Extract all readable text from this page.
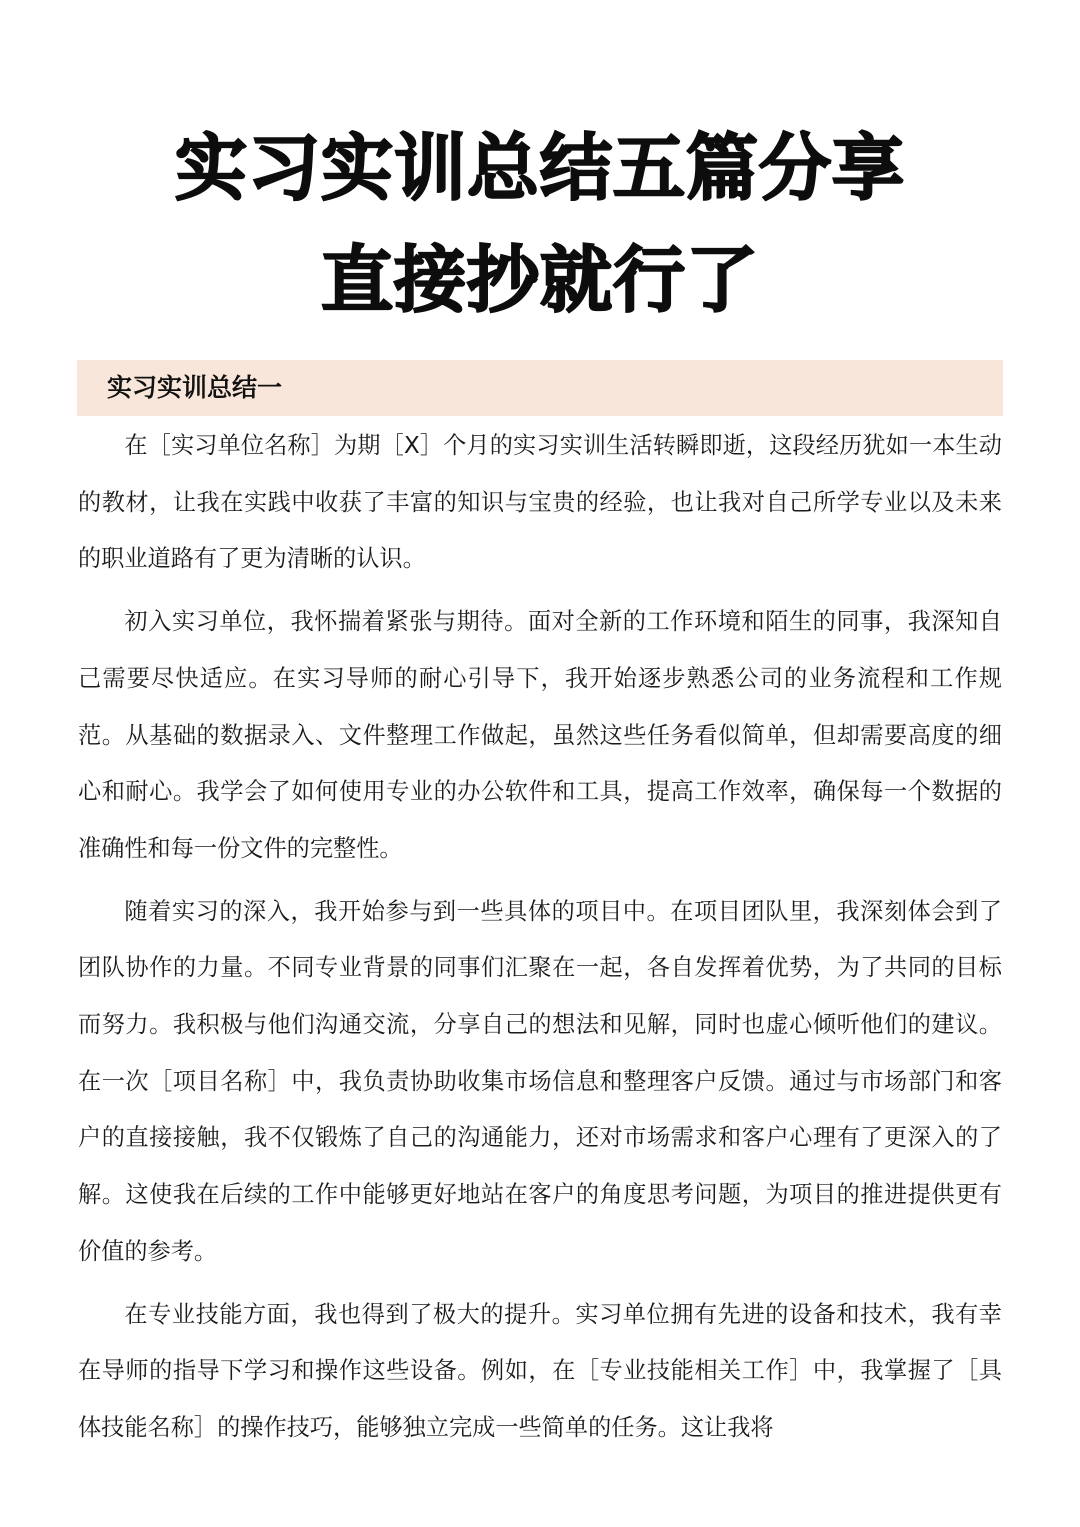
实习实训总结五篇分享
直接抄就行了
实习实训总结一

在［实习单位名称］为期［X］个月的实习实训生活转瞬即逝，这段经历犹如一本生动的教材，让我在实践中收获了丰富的知识与宝贵的经验，也让我对自己所学专业以及未来的职业道路有了更为清晰的认识。

初入实习单位，我怀揣着紧张与期待。面对全新的工作环境和陌生的同事，我深知自己需要尽快适应。在实习导师的耐心引导下，我开始逐步熟悉公司的业务流程和工作规范。从基础的数据录入、文件整理工作做起，虽然这些任务看似简单，但却需要高度的细心和耐心。我学会了如何使用专业的办公软件和工具，提高工作效率，确保每一个数据的准确性和每一份文件的完整性。

随着实习的深入，我开始参与到一些具体的项目中。在项目团队里，我深刻体会到了团队协作的力量。不同专业背景的同事们汇聚在一起，各自发挥着优势，为了共同的目标而努力。我积极与他们沟通交流，分享自己的想法和见解，同时也虚心倾听他们的建议。在一次［项目名称］中，我负责协助收集市场信息和整理客户反馈。通过与市场部门和客户的直接接触，我不仅锻炼了自己的沟通能力，还对市场需求和客户心理有了更深入的了解。这使我在后续的工作中能够更好地站在客户的角度思考问题，为项目的推进提供更有价值的参考。

在专业技能方面，我也得到了极大的提升。实习单位拥有先进的设备和技术，我有幸在导师的指导下学习和操作这些设备。例如，在［专业技能相关工作］中，我掌握了［具体技能名称］的操作技巧，能够独立完成一些简单的任务。这让我将
